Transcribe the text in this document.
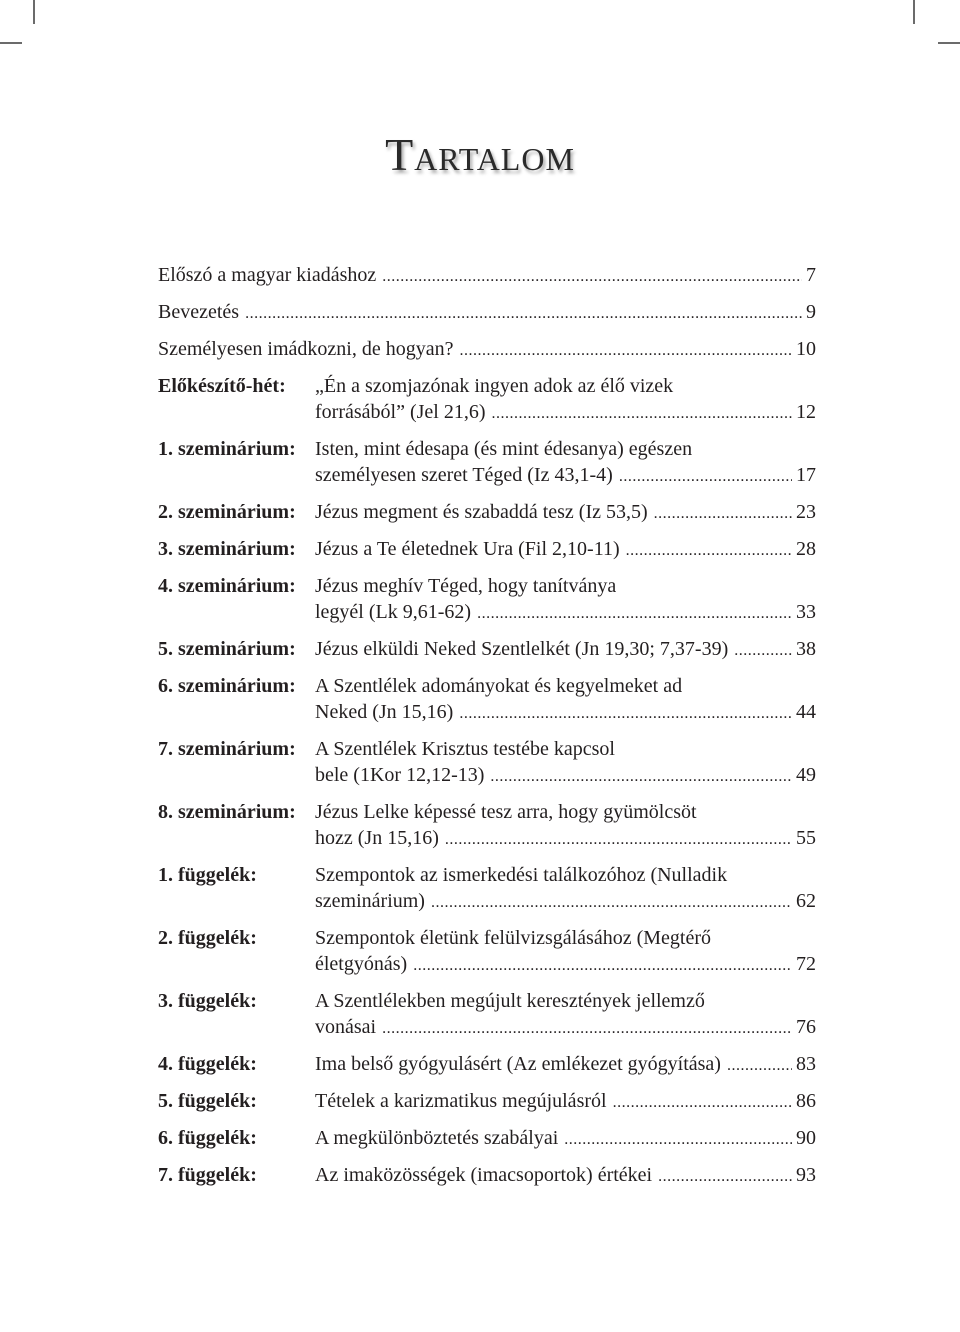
Tartalom
Előszó a magyar kiadáshoz .....	7
Bevezetés .....	9
Személyesen imádkozni, de hogyan? .....	10
Előkészítő-hét: „Én a szomjazónak ingyen adok az élő vizek
forrásából” (Jel 21,6) .....	12
1. szeminárium: Isten, mint édesapa (és mint édesanya) egészen
személyesen szeret Téged (Iz 43,1-4) .....	17
2. szeminárium: Jézus megment és szabaddá tesz (Iz 53,5) .....	23
3. szeminárium: Jézus a Te életednek Ura (Fil 2,10-11) .....	28
4. szeminárium: Jézus meghív Téged, hogy tanítványa
legyél (Lk 9,61-62) .....	33
5. szeminárium: Jézus elküldi Neked Szentlelkét (Jn 19,30; 7,37-39) .....	38
6. szeminárium: A Szentlélek adományokat és kegyelmeket ad
Neked (Jn 15,16) .....	44
7. szeminárium: A Szentlélek Krisztus testébe kapcsol
bele (1Kor 12,12-13) .....	49
8. szeminárium: Jézus Lelke képessé tesz arra, hogy gyümölcsöt
hozz (Jn 15,16) .....	55
1. függelék:	Szempontok az ismerkedési találkozóhoz (Nulladik
szeminárium) .....	62
2. függelék:	Szempontok életünk felülvizsgálásához (Megtérő
életgyónás) .....	72
3. függelék:	A Szentlélekben megújult keresztények jellemző
vonásai .....	76
4. függelék:	Ima belső gyógyulásért (Az emlékezet gyógyítása) .....	83
5. függelék:	Tételek a karizmatikus megújulásról .....	86
6. függelék:	A megkülönböztetés szabályai .....	90
7. függelék:	Az imaközösségek (imacsoportok) értékei .....	93
